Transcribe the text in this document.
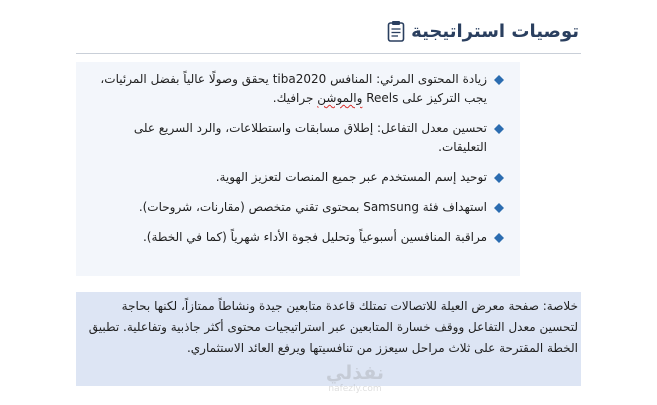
توصيات استراتيجية
زيادة المحتوى المرئي: المنافس tiba2020 يحقق وصولًا عالياً بفضل المرئيات، يجب التركيز على Reels والموشن جرافيك.
تحسين معدل التفاعل: إطلاق مسابقات واستطلاعات، والرد السريع على التعليقات.
توحيد إسم المستخدم عبر جميع المنصات لتعزيز الهوية.
استهداف فئة Samsung بمحتوى تقني متخصص (مقارنات، شروحات).
مراقبة المنافسين أسبوعياً وتحليل فجوة الأداء شهرياً (كما في الخطة).

خلاصة: صفحة معرض العيلة للاتصالات تمتلك قاعدة متابعين جيدة ونشاطاً ممتازاً، لكنها بحاجة لتحسين معدل التفاعل ووقف خسارة المتابعين عبر استراتيجيات محتوى أكثر جاذبية وتفاعلية. تطبيق الخطة المقترحة على ثلاث مراحل سيعزز من تنافسيتها ويرفع العائد الاستثماري.

نفذلي
nafezly.com
